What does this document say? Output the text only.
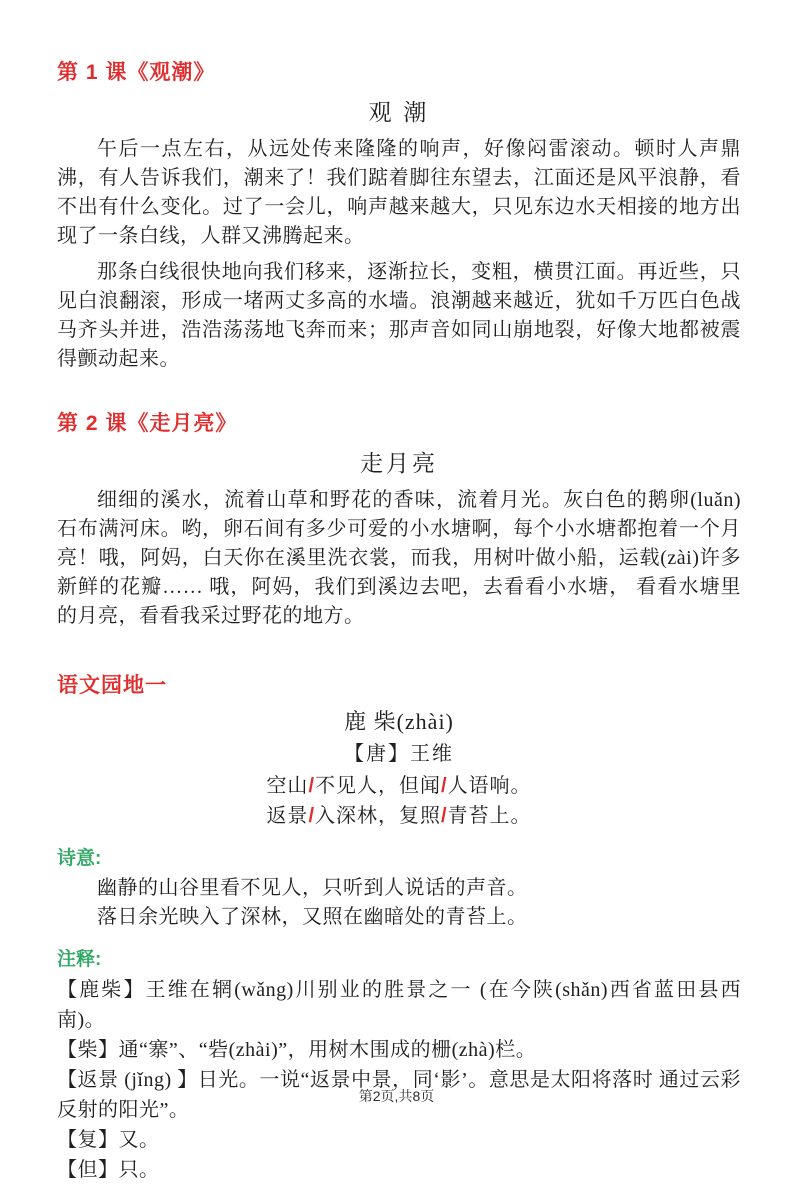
第 1 课《观潮》
观 潮

午后一点左右，从远处传来隆隆的响声，好像闷雷滚动。顿时人声鼎沸，有人告诉我们，潮来了！我们踮着脚往东望去，江面还是风平浪静，看不出有什么变化。过了一会儿，响声越来越大，只见东边水天相接的地方出现了一条白线，人群又沸腾起来。

那条白线很快地向我们移来，逐渐拉长，变粗，横贯江面。再近些，只见白浪翻滚，形成一堵两丈多高的水墙。浪潮越来越近，犹如千万匹白色战马齐头并进，浩浩荡荡地飞奔而来；那声音如同山崩地裂，好像大地都被震得颤动起来。

第 2 课《走月亮》
走月亮

细细的溪水，流着山草和野花的香味，流着月光。灰白色的鹅卵(luǎn)石布满河床。哟，卵石间有多少可爱的小水塘啊，每个小水塘都抱着一个月亮！哦，阿妈，白天你在溪里洗衣裳，而我，用树叶做小船，运载(zài)许多新鲜的花瓣…… 哦，阿妈，我们到溪边去吧，去看看小水塘， 看看水塘里的月亮，看看我采过野花的地方。

语文园地一
鹿 柴(zhài)
【唐】王维
空山/不见人，但闻/人语响。
返景/入深林，复照/青苔上。
诗意:
幽静的山谷里看不见人，只听到人说话的声音。
落日余光映入了深林，又照在幽暗处的青苔上。
注释:
【鹿柴】王维在辋(wǎng)川别业的胜景之一 (在今陕(shǎn)西省蓝田县西南)。
【柴】通“寨”、“砦(zhài)”，用树木围成的栅(zhà)栏。
【返景 (jǐng) 】日光。一说“返景中景，同‘影’。意思是太阳将落时 通过云彩反射的阳光”。
【复】又。
【但】只。
第2页,共8页
